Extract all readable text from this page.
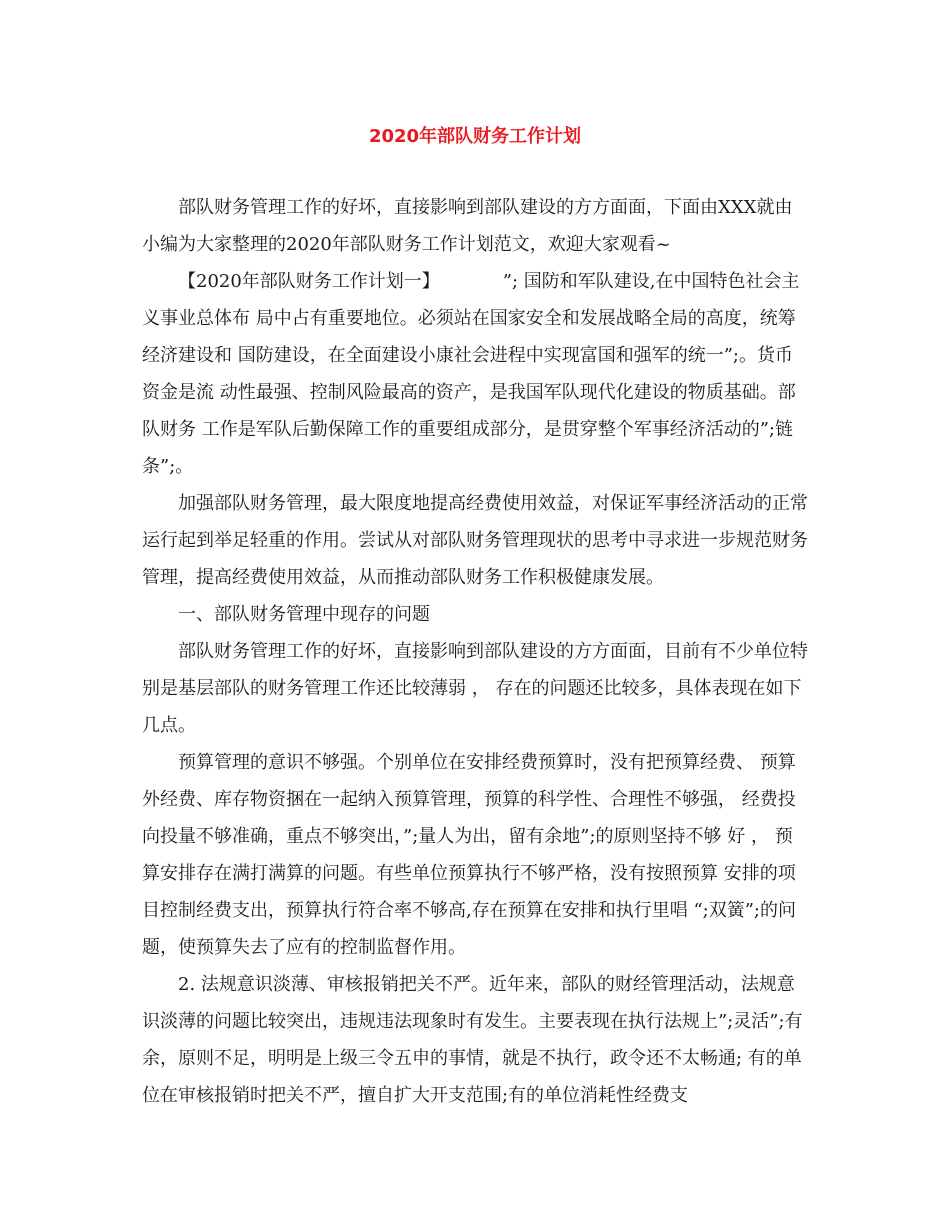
2020年部队财务工作计划

部队财务管理工作的好坏，直接影响到部队建设的方方面面，下面由XXX就由小编为大家整理的2020年部队财务工作计划范文，欢迎大家观看~

【2020年部队财务工作计划一】　　　　”; 国防和军队建设,在中国特色社会主义事业总体布 局中占有重要地位。必须站在国家安全和发展战略全局的高度，统筹经济建设和 国防建设，在全面建设小康社会进程中实现富国和强军的统一”;。货币资金是流 动性最强、控制风险最高的资产，是我国军队现代化建设的物质基础。部队财务 工作是军队后勤保障工作的重要组成部分，是贯穿整个军事经济活动的”;链条”;。

加强部队财务管理，最大限度地提高经费使用效益，对保证军事经济活动的正常 运行起到举足轻重的作用。尝试从对部队财务管理现状的思考中寻求进一步规范财务管理，提高经费使用效益，从而推动部队财务工作积极健康发展。

一、部队财务管理中现存的问题

部队财务管理工作的好坏，直接影响到部队建设的方方面面，目前有不少单位特别是基层部队的财务管理工作还比较薄弱 ， 存在的问题还比较多，具体表现在如下几点。

预算管理的意识不够强。个别单位在安排经费预算时，没有把预算经费、 预算外经费、库存物资捆在一起纳入预算管理，预算的科学性、合理性不够强， 经费投向投量不够准确，重点不够突出，”;量人为出，留有余地”;的原则坚持不够 好 ， 预算安排存在满打满算的问题。有些单位预算执行不够严格，没有按照预算 安排的项目控制经费支出，预算执行符合率不够高,存在预算在安排和执行里唱 “;双簧”;的问题，使预算失去了应有的控制监督作用。

2. 法规意识淡薄、审核报销把关不严。近年来，部队的财经管理活动，法规意识淡薄的问题比较突出，违规违法现象时有发生。主要表现在执行法规上”;灵活”;有余，原则不足，明明是上级三令五申的事情，就是不执行，政令还不太畅通; 有的单位在审核报销时把关不严，擅自扩大开支范围;有的单位消耗性经费支
